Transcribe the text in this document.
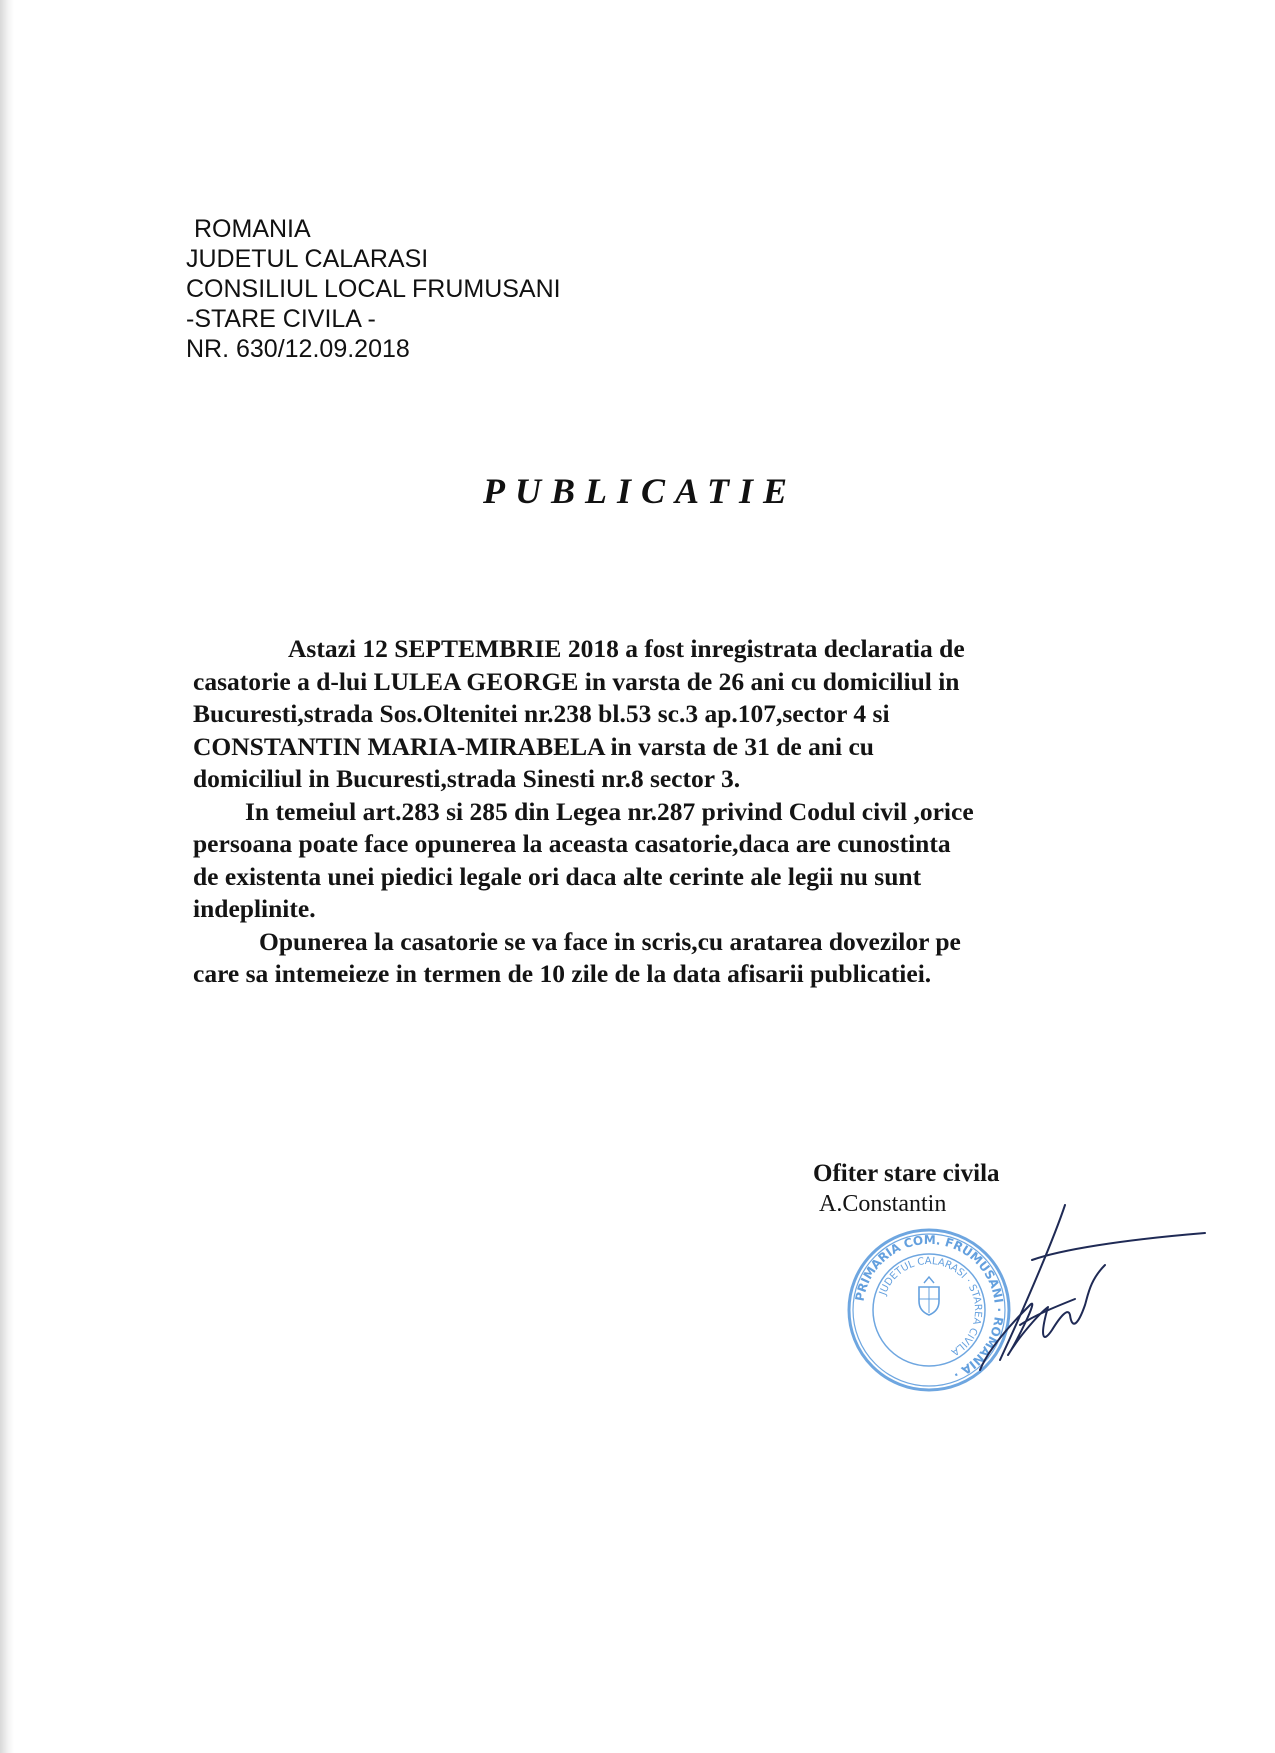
ROMANIA
JUDETUL CALARASI
CONSILIUL LOCAL FRUMUSANI
-STARE CIVILA -
NR. 630/12.09.2018
PUBLICATIE
Astazi 12 SEPTEMBRIE 2018 a fost inregistrata declaratia de
casatorie a d-lui LULEA GEORGE in varsta de 26 ani cu domiciliul in
Bucuresti,strada Sos.Oltenitei nr.238 bl.53 sc.3 ap.107,sector 4 si
CONSTANTIN MARIA-MIRABELA in varsta de 31 de ani cu
domiciliul in Bucuresti,strada Sinesti nr.8 sector 3.
In temeiul art.283 si 285 din Legea nr.287 privind Codul civil ,orice
persoana poate face opunerea la aceasta casatorie,daca are cunostinta
de existenta unei piedici legale ori daca alte cerinte ale legii nu sunt
indeplinite.
Opunerea la casatorie se va face in scris,cu aratarea dovezilor pe
care sa intemeieze in termen de 10 zile de la data afisarii publicatiei.
Ofiter stare civila
A.Constantin
PRIMARIA COM. FRUMUSANI · ROMANIA ·
JUDETUL CALARASI · STAREA CIVILA
